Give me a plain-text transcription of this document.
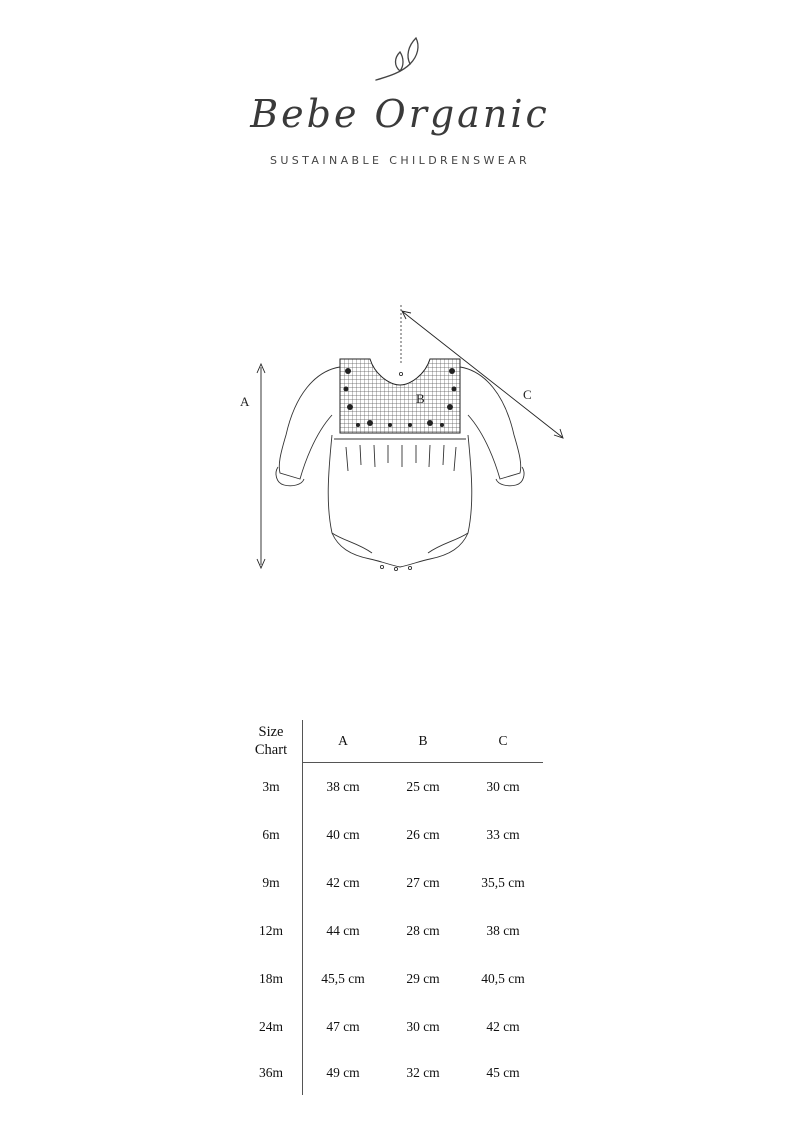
Bebe Organic
SUSTAINABLE CHILDRENSWEAR
A	C
B
Size
Chart	A	B	C
3m	38 cm	25 cm	30 cm
6m	40 cm	26 cm	33 cm
9m	42 cm	27 cm	35,5 cm
12m	44 cm	28 cm	38 cm
18m	45,5 cm	29 cm	40,5 cm
24m	47 cm	30 cm	42 cm
36m	49 cm	32 cm	45 cm
